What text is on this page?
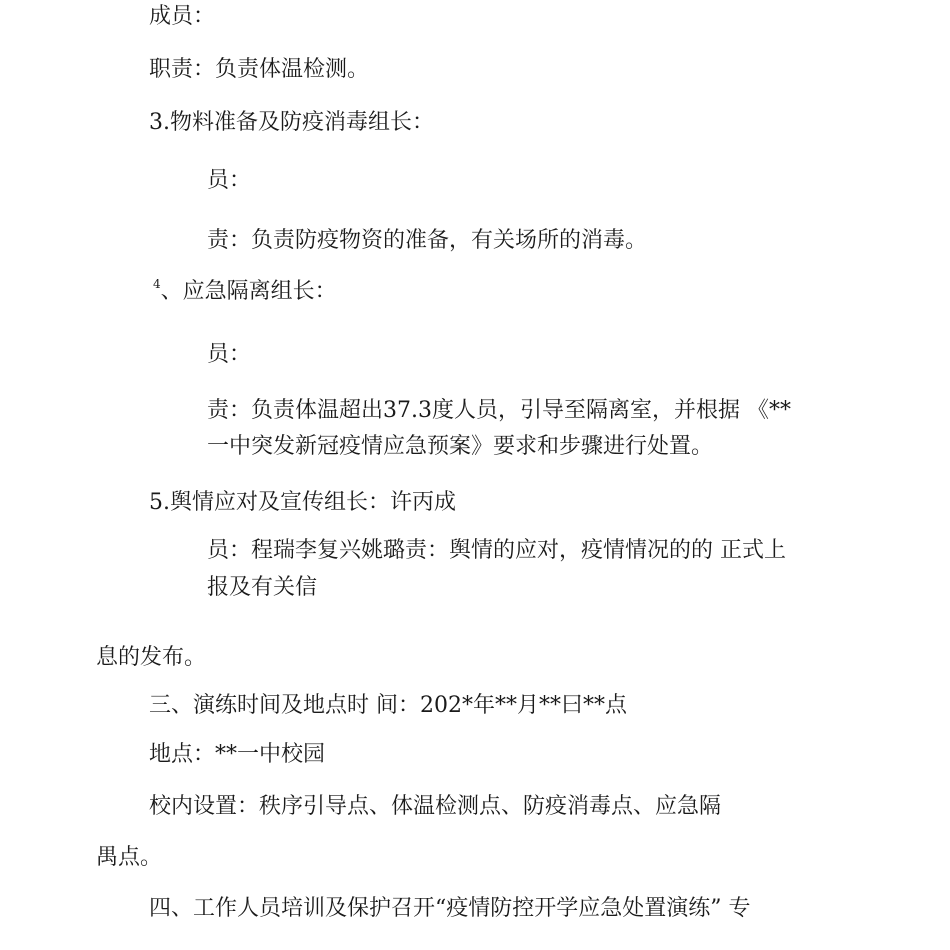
成员：
职责：负责体温检测。
3.物料准备及防疫消毒组长：
员：
责：负责防疫物资的准备，有关场所的消毒。
$^4$、应急隔离组长：
员：
责：负责体温超出37.3度人员，引导至隔离室，并根据 《**
一中突发新冠疫情应急预案》要求和步骤进行处置。
5.舆情应对及宣传组长：许丙成
员：程瑞李复兴姚璐责：舆情的应对，疫情情况的的 正式上
报及有关信
息的发布。
三、演练时间及地点时 间：202*年**月**曰**点
地点：**一中校园
校内设置：秩序引导点、体温检测点、防疫消毒点、应急隔
禺点。
四、工作人员培训及保护召开“疫情防控开学应急处置演练” 专
